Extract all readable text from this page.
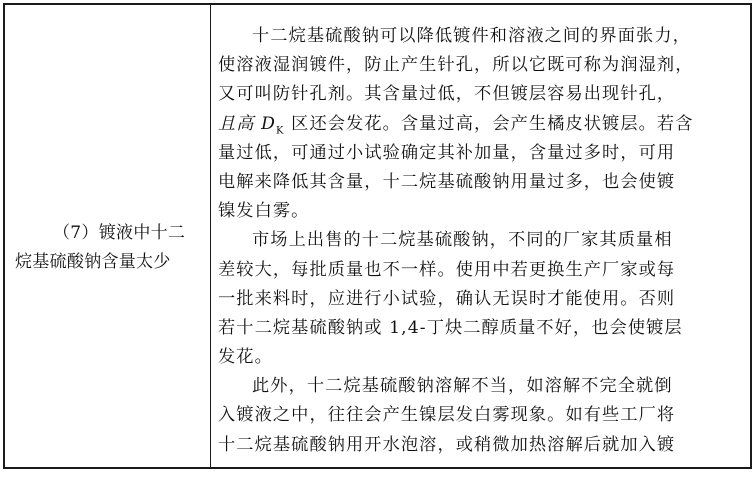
（7）镀液中十二
烷基硫酸钠含量太少
十二烷基硫酸钠可以降低镀件和溶液之间的界面张力，
使溶液湿润镀件，防止产生针孔，所以它既可称为润湿剂，
又可叫防针孔剂。其含量过低，不但镀层容易出现针孔，
且高 $D_K$ 区还会发花。含量过高，会产生橘皮状镀层。若含
量过低，可通过小试验确定其补加量，含量过多时，可用
电解来降低其含量，十二烷基硫酸钠用量过多，也会使镀
镍发白雾。
市场上出售的十二烷基硫酸钠，不同的厂家其质量相
差较大，每批质量也不一样。使用中若更换生产厂家或每
一批来料时，应进行小试验，确认无误时才能使用。否则
若十二烷基硫酸钠或 1,4-丁炔二醇质量不好，也会使镀层
发花。
此外，十二烷基硫酸钠溶解不当，如溶解不完全就倒
入镀液之中，往往会产生镍层发白雾现象。如有些工厂将
十二烷基硫酸钠用开水泡溶，或稍微加热溶解后就加入镀
